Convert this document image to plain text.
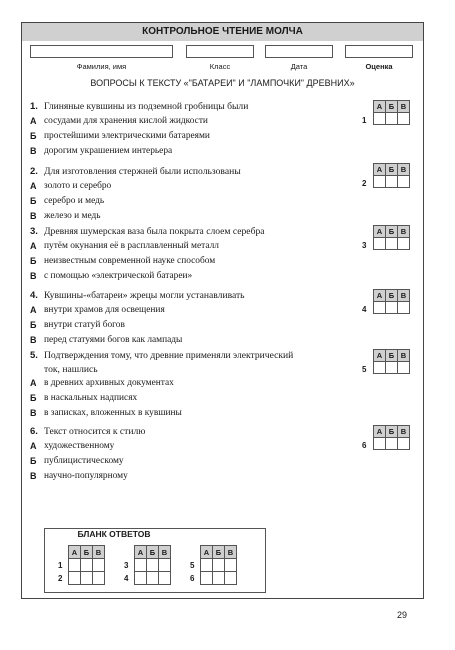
КОНТРОЛЬНОЕ ЧТЕНИЕ МОЛЧА
Фамилия, имя	Класс	Дата	Оценка
ВОПРОСЫ К ТЕКСТУ «"БАТАРЕИ" И "ЛАМПОЧКИ" ДРЕВНИХ»
1. Глиняные кувшины из подземной гробницы были
А сосудами для хранения кислой жидкости
Б простейшими электрическими батареями
В дорогим украшением интерьера
1
А	Б	В

2. Для изготовления стержней были использованы
А золото и серебро
Б серебро и медь
В железо и медь
2
А	Б	В

3. Древняя шумерская ваза была покрыта слоем серебра
А путём окунания её в расплавленный металл
Б неизвестным современной науке способом
В с помощью «электрической батареи»
3
А	Б	В

4. Кувшины-«батареи» жрецы могли устанавливать
А внутри храмов для освещения
Б внутри статуй богов
В перед статуями богов как лампады
4
А	Б	В

5. Подтверждения тому, что древние применяли электрический
ток, нашлись
А в древних архивных документах
Б в наскальных надписях
В в записках, вложенных в кувшины
5
А	Б	В

6. Текст относится к стилю
А художественному
Б публицистическому
В научно-популярному
6
А	Б	В

БЛАНК ОТВЕТОВ
	А	Б	В
1			
2			
	А	Б	В
3			
4			
	А	Б	В
5			
6			
29
